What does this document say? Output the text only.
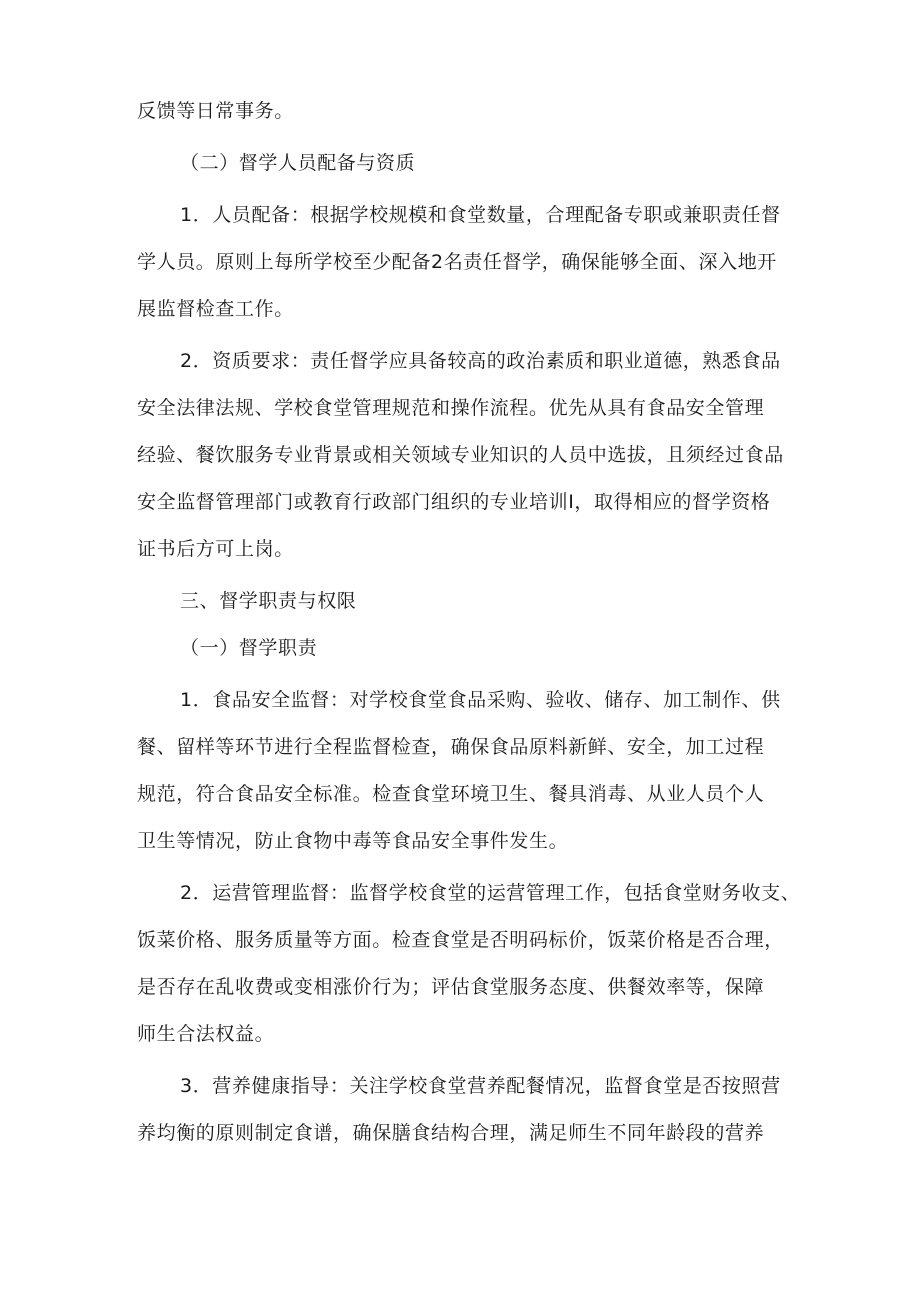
反馈等日常事务。
（二）督学人员配备与资质
1．人员配备：根据学校规模和食堂数量，合理配备专职或兼职责任督
学人员。原则上每所学校至少配备2名责任督学，确保能够全面、深入地开
展监督检查工作。
2．资质要求：责任督学应具备较高的政治素质和职业道德，熟悉食品
安全法律法规、学校食堂管理规范和操作流程。优先从具有食品安全管理
经验、餐饮服务专业背景或相关领域专业知识的人员中选拔，且须经过食品
安全监督管理部门或教育行政部门组织的专业培训I，取得相应的督学资格
证书后方可上岗。
三、督学职责与权限
（一）督学职责
1．食品安全监督：对学校食堂食品采购、验收、储存、加工制作、供
餐、留样等环节进行全程监督检查，确保食品原料新鲜、安全，加工过程
规范，符合食品安全标准。检查食堂环境卫生、餐具消毒、从业人员个人
卫生等情况，防止食物中毒等食品安全事件发生。
2．运营管理监督：监督学校食堂的运营管理工作，包括食堂财务收支、
饭菜价格、服务质量等方面。检查食堂是否明码标价，饭菜价格是否合理，
是否存在乱收费或变相涨价行为；评估食堂服务态度、供餐效率等，保障
师生合法权益。
3．营养健康指导：关注学校食堂营养配餐情况，监督食堂是否按照营
养均衡的原则制定食谱，确保膳食结构合理，满足师生不同年龄段的营养
